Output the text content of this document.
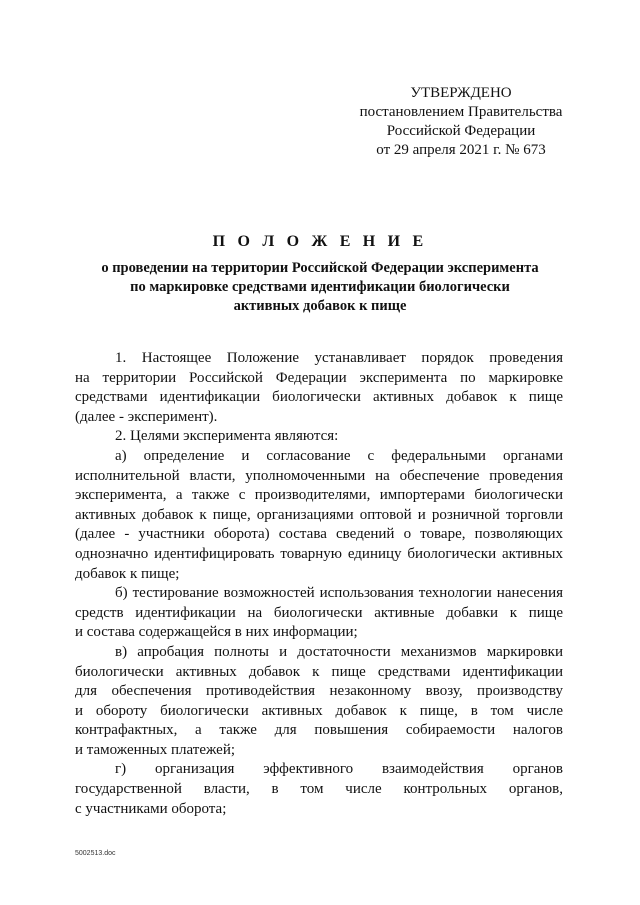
УТВЕРЖДЕНО
постановлением Правительства
Российской Федерации
от 29 апреля 2021 г. № 673
П О Л О Ж Е Н И Е
о проведении на территории Российской Федерации эксперимента
по маркировке средствами идентификации биологически
активных добавок к пище
1. Настоящее Положение устанавливает порядок проведения
на территории Российской Федерации эксперимента по маркировке
средствами идентификации биологически активных добавок к пище
(далее - эксперимент).
2. Целями эксперимента являются:
а) определение и согласование с федеральными органами
исполнительной власти, уполномоченными на обеспечение проведения
эксперимента, а также с производителями, импортерами биологически
активных добавок к пище, организациями оптовой и розничной торговли
(далее - участники оборота) состава сведений о товаре, позволяющих
однозначно идентифицировать товарную единицу биологически активных
добавок к пище;
б) тестирование возможностей использования технологии нанесения
средств идентификации на биологически активные добавки к пище
и состава содержащейся в них информации;
в) апробация полноты и достаточности механизмов маркировки
биологически активных добавок к пище средствами идентификации
для обеспечения противодействия незаконному ввозу, производству
и обороту биологически активных добавок к пище, в том числе
контрафактных, а также для повышения собираемости налогов
и таможенных платежей;
г) организация эффективного взаимодействия органов
государственной власти, в том числе контрольных органов,
с участниками оборота;
5002513.doc
